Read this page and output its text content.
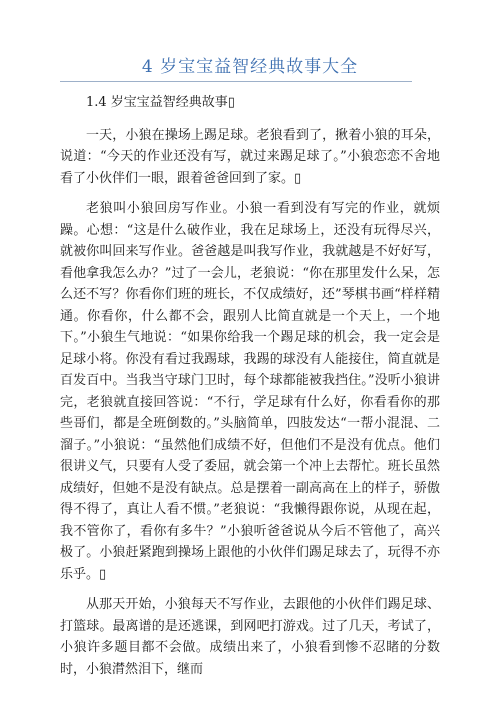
4 岁宝宝益智经典故事大全

1.4 岁宝宝益智经典故事▯

一天，小狼在操场上踢足球。老狼看到了，揪着小狼的耳朵，说道：“今天的作业还没有写，就过来踢足球了。”小狼恋恋不舍地看了小伙伴们一眼，跟着爸爸回到了家。▯

老狼叫小狼回房写作业。小狼一看到没有写完的作业，就烦躁。心想：“这是什么破作业，我在足球场上，还没有玩得尽兴，就被你叫回来写作业。爸爸越是叫我写作业，我就越是不好好写，看他拿我怎么办？”过了一会儿，老狼说：“你在那里发什么呆，怎么还不写？你看你们班的班长，不仅成绩好，还”琴棋书画“样样精通。你看你，什么都不会，跟别人比简直就是一个天上，一个地下。”小狼生气地说：“如果你给我一个踢足球的机会，我一定会是足球小将。你没有看过我踢球，我踢的球没有人能接住，简直就是百发百中。当我当守球门卫时，每个球都能被我挡住。”没听小狼讲完，老狼就直接回答说：“不行，学足球有什么好，你看看你的那些哥们，都是全班倒数的。”头脑简单，四肢发达“一帮小混混、二溜子。”小狼说：“虽然他们成绩不好，但他们不是没有优点。他们很讲义气，只要有人受了委屈，就会第一个冲上去帮忙。班长虽然成绩好，但她不是没有缺点。总是摆着一副高高在上的样子，骄傲得不得了，真让人看不惯。”老狼说：“我懒得跟你说，从现在起，我不管你了，看你有多牛？”小狼听爸爸说从今后不管他了，高兴极了。小狼赶紧跑到操场上跟他的小伙伴们踢足球去了，玩得不亦乐乎。▯

从那天开始，小狼每天不写作业，去跟他的小伙伴们踢足球、打篮球。最离谱的是还逃课，到网吧打游戏。过了几天，考试了，小狼许多题目都不会做。成绩出来了，小狼看到惨不忍睹的分数时，小狼潸然泪下，继而
